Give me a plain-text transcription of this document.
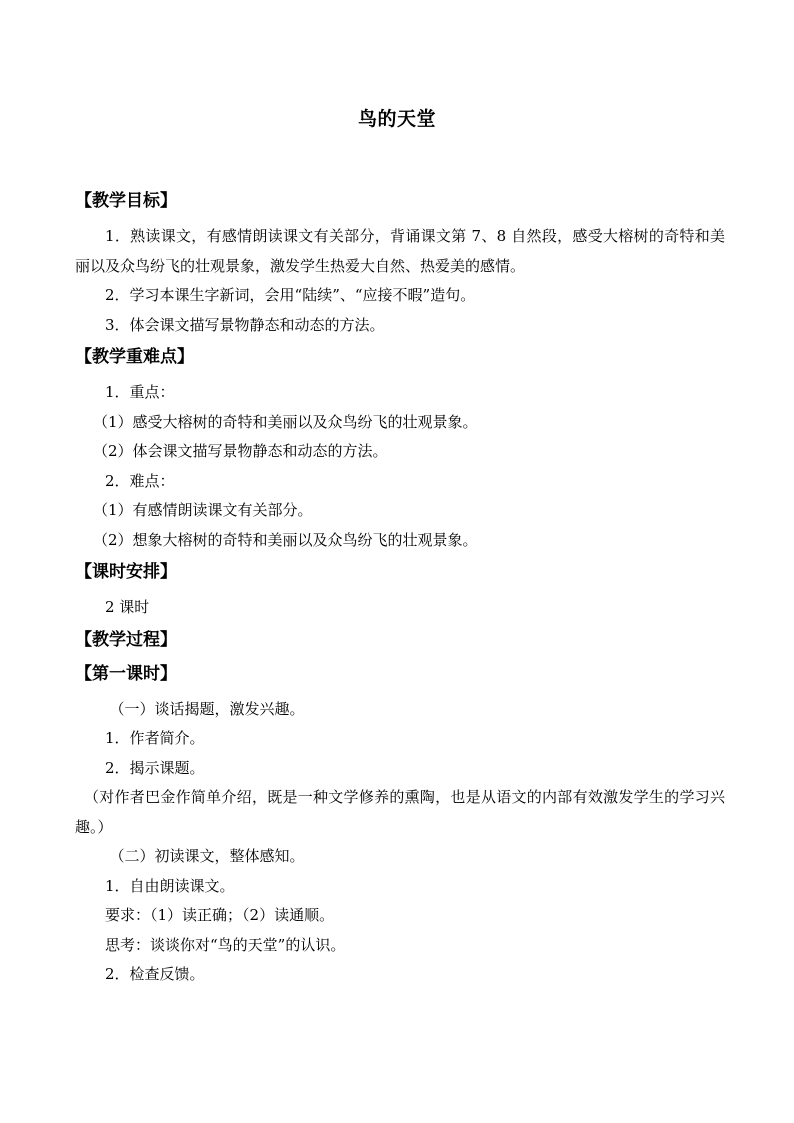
鸟的天堂

【教学目标】

1．熟读课文，有感情朗读课文有关部分，背诵课文第 7、8 自然段，感受大榕树的奇特和美丽以及众鸟纷飞的壮观景象，激发学生热爱大自然、热爱美的感情。

2．学习本课生字新词，会用“陆续”、“应接不暇”造句。

3．体会课文描写景物静态和动态的方法。

【教学重难点】

1．重点：

（1）感受大榕树的奇特和美丽以及众鸟纷飞的壮观景象。

（2）体会课文描写景物静态和动态的方法。

2．难点：

（1）有感情朗读课文有关部分。

（2）想象大榕树的奇特和美丽以及众鸟纷飞的壮观景象。

【课时安排】

2 课时

【教学过程】

【第一课时】

（一）谈话揭题，激发兴趣。

1．作者简介。

2．揭示课题。

（对作者巴金作简单介绍，既是一种文学修养的熏陶，也是从语文的内部有效激发学生的学习兴趣。）

（二）初读课文，整体感知。

1．自由朗读课文。

要求：（1）读正确；（2）读通顺。

思考：谈谈你对“鸟的天堂”的认识。

2．检查反馈。
